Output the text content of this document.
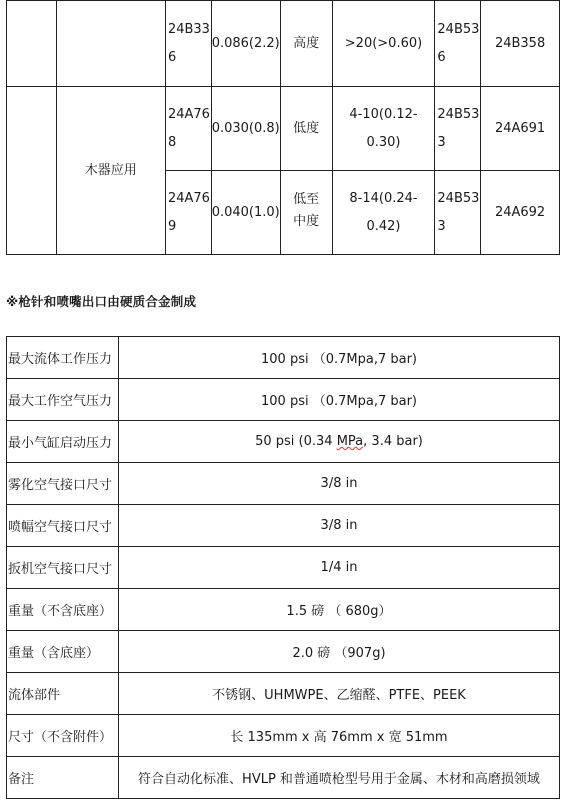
		24B336	0.086(2.2)	高度	>20(>0.60)	24B536	24B358
	木器应用	24A768	0.030(0.8)	低度	4-10(0.12-0.30)	24B533	24A691
		24A769	0.040(1.0)	低至中度	8-14(0.24-0.42)	24B533	24A692
※枪针和喷嘴出口由硬质合金制成
最大流体工作压力	100 psi （0.7Mpa,7 bar)
最大工作空气压力	100 psi （0.7Mpa,7 bar)
最小气缸启动压力	50 psi (0.34 MPa, 3.4 bar)
雾化空气接口尺寸	3/8 in
喷幅空气接口尺寸	3/8 in
扳机空气接口尺寸	1/4 in
重量（不含底座）	1.5 磅 （ 680g）
重量（含底座）	2.0 磅 （907g)
流体部件	不锈钢、UHMWPE、乙缩醛、PTFE、PEEK
尺寸（不含附件）	长 135mm x 高 76mm x 宽 51mm
备注	符合自动化标准、HVLP 和普通喷枪型号用于金属、木材和高磨损领域
